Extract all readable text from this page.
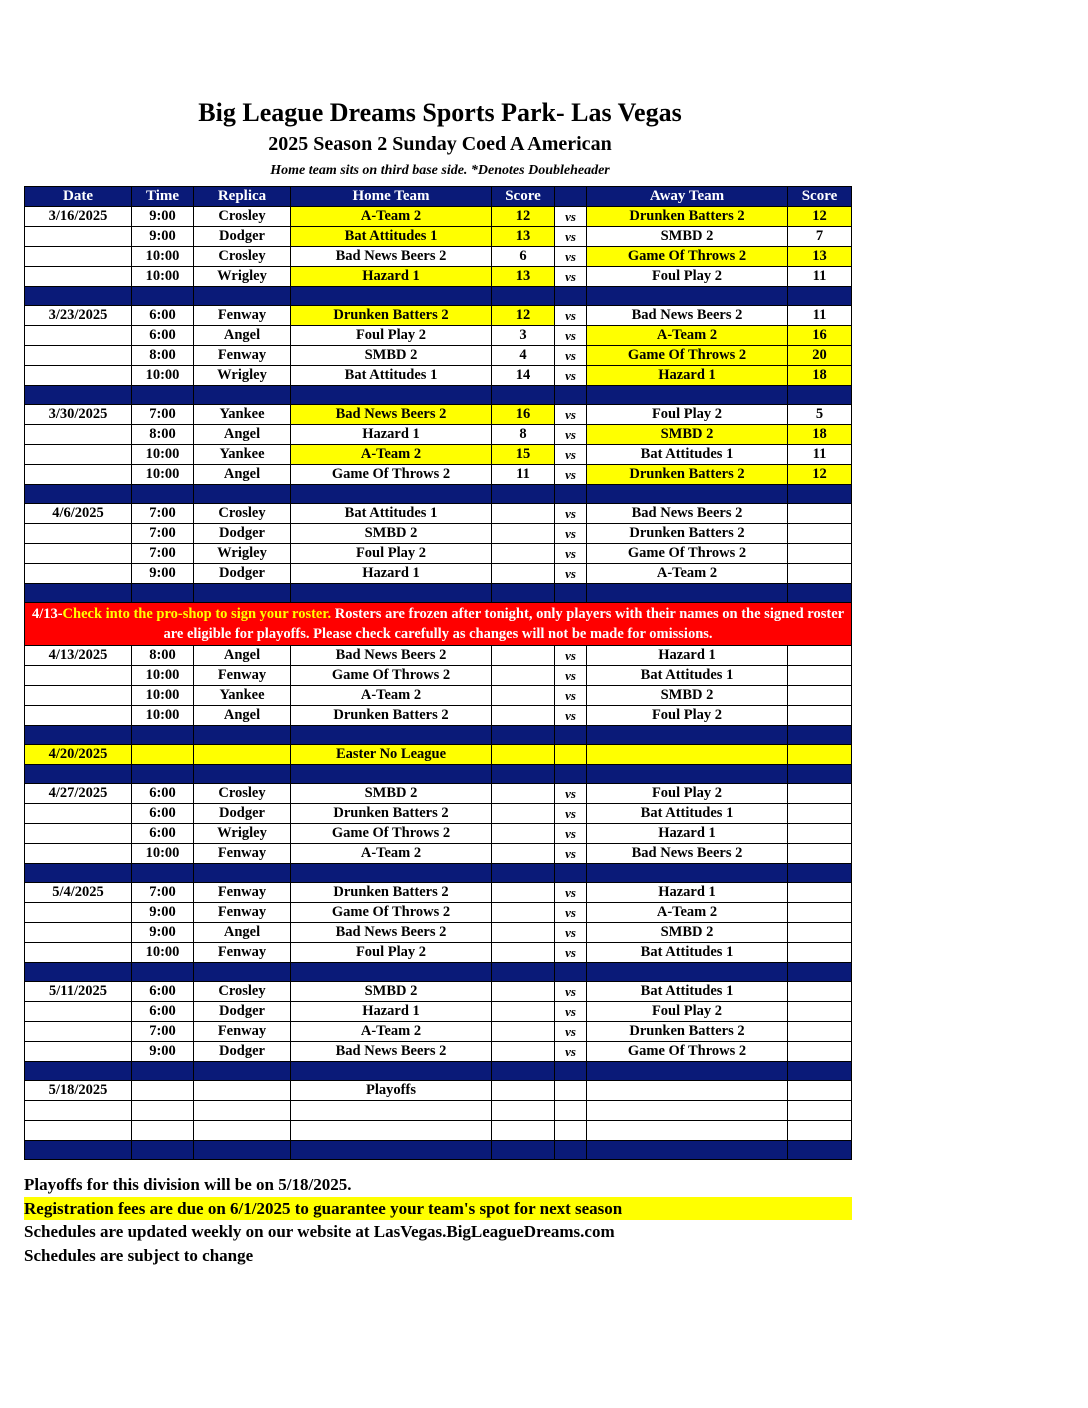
Big League Dreams Sports Park- Las Vegas
2025 Season 2 Sunday Coed A American
Home team sits on third base side. *Denotes Doubleheader
Date	Time	Replica	Home Team	Score		Away Team	Score
3/16/2025	9:00	Crosley	A-Team 2	12	vs	Drunken Batters 2	12
	9:00	Dodger	Bat Attitudes 1	13	vs	SMBD 2	7
	10:00	Crosley	Bad News Beers 2	6	vs	Game Of Throws 2	13
	10:00	Wrigley	Hazard 1	13	vs	Foul Play 2	11

3/23/2025	6:00	Fenway	Drunken Batters 2	12	vs	Bad News Beers 2	11
	6:00	Angel	Foul Play 2	3	vs	A-Team 2	16
	8:00	Fenway	SMBD 2	4	vs	Game Of Throws 2	20
	10:00	Wrigley	Bat Attitudes 1	14	vs	Hazard 1	18

3/30/2025	7:00	Yankee	Bad News Beers 2	16	vs	Foul Play 2	5
	8:00	Angel	Hazard 1	8	vs	SMBD 2	18
	10:00	Yankee	A-Team 2	15	vs	Bat Attitudes 1	11
	10:00	Angel	Game Of Throws 2	11	vs	Drunken Batters 2	12

4/6/2025	7:00	Crosley	Bat Attitudes 1		vs	Bad News Beers 2	
	7:00	Dodger	SMBD 2		vs	Drunken Batters 2	
	7:00	Wrigley	Foul Play 2		vs	Game Of Throws 2	
	9:00	Dodger	Hazard 1		vs	A-Team 2	

4/13-Check into the pro-shop to sign your roster. Rosters are frozen after tonight, only players with their names on the signed roster are eligible for playoffs. Please check carefully as changes will not be made for omissions.							
4/13/2025	8:00	Angel	Bad News Beers 2		vs	Hazard 1	
	10:00	Fenway	Game Of Throws 2		vs	Bat Attitudes 1	
	10:00	Yankee	A-Team 2		vs	SMBD 2	
	10:00	Angel	Drunken Batters 2		vs	Foul Play 2	

4/20/2025			Easter No League				

4/27/2025	6:00	Crosley	SMBD 2		vs	Foul Play 2	
	6:00	Dodger	Drunken Batters 2		vs	Bat Attitudes 1	
	6:00	Wrigley	Game Of Throws 2		vs	Hazard 1	
	10:00	Fenway	A-Team 2		vs	Bad News Beers 2	

5/4/2025	7:00	Fenway	Drunken Batters 2		vs	Hazard 1	
	9:00	Fenway	Game Of Throws 2		vs	A-Team 2	
	9:00	Angel	Bad News Beers 2		vs	SMBD 2	
	10:00	Fenway	Foul Play 2		vs	Bat Attitudes 1	

5/11/2025	6:00	Crosley	SMBD 2		vs	Bat Attitudes 1	
	6:00	Dodger	Hazard 1		vs	Foul Play 2	
	7:00	Fenway	A-Team 2		vs	Drunken Batters 2	
	9:00	Dodger	Bad News Beers 2		vs	Game Of Throws 2	

5/18/2025			Playoffs				

Playoffs for this division will be on 5/18/2025.
Registration fees are due on 6/1/2025 to guarantee your team's spot for next season
Schedules are updated weekly on our website at LasVegas.BigLeagueDreams.com
Schedules are subject to change
